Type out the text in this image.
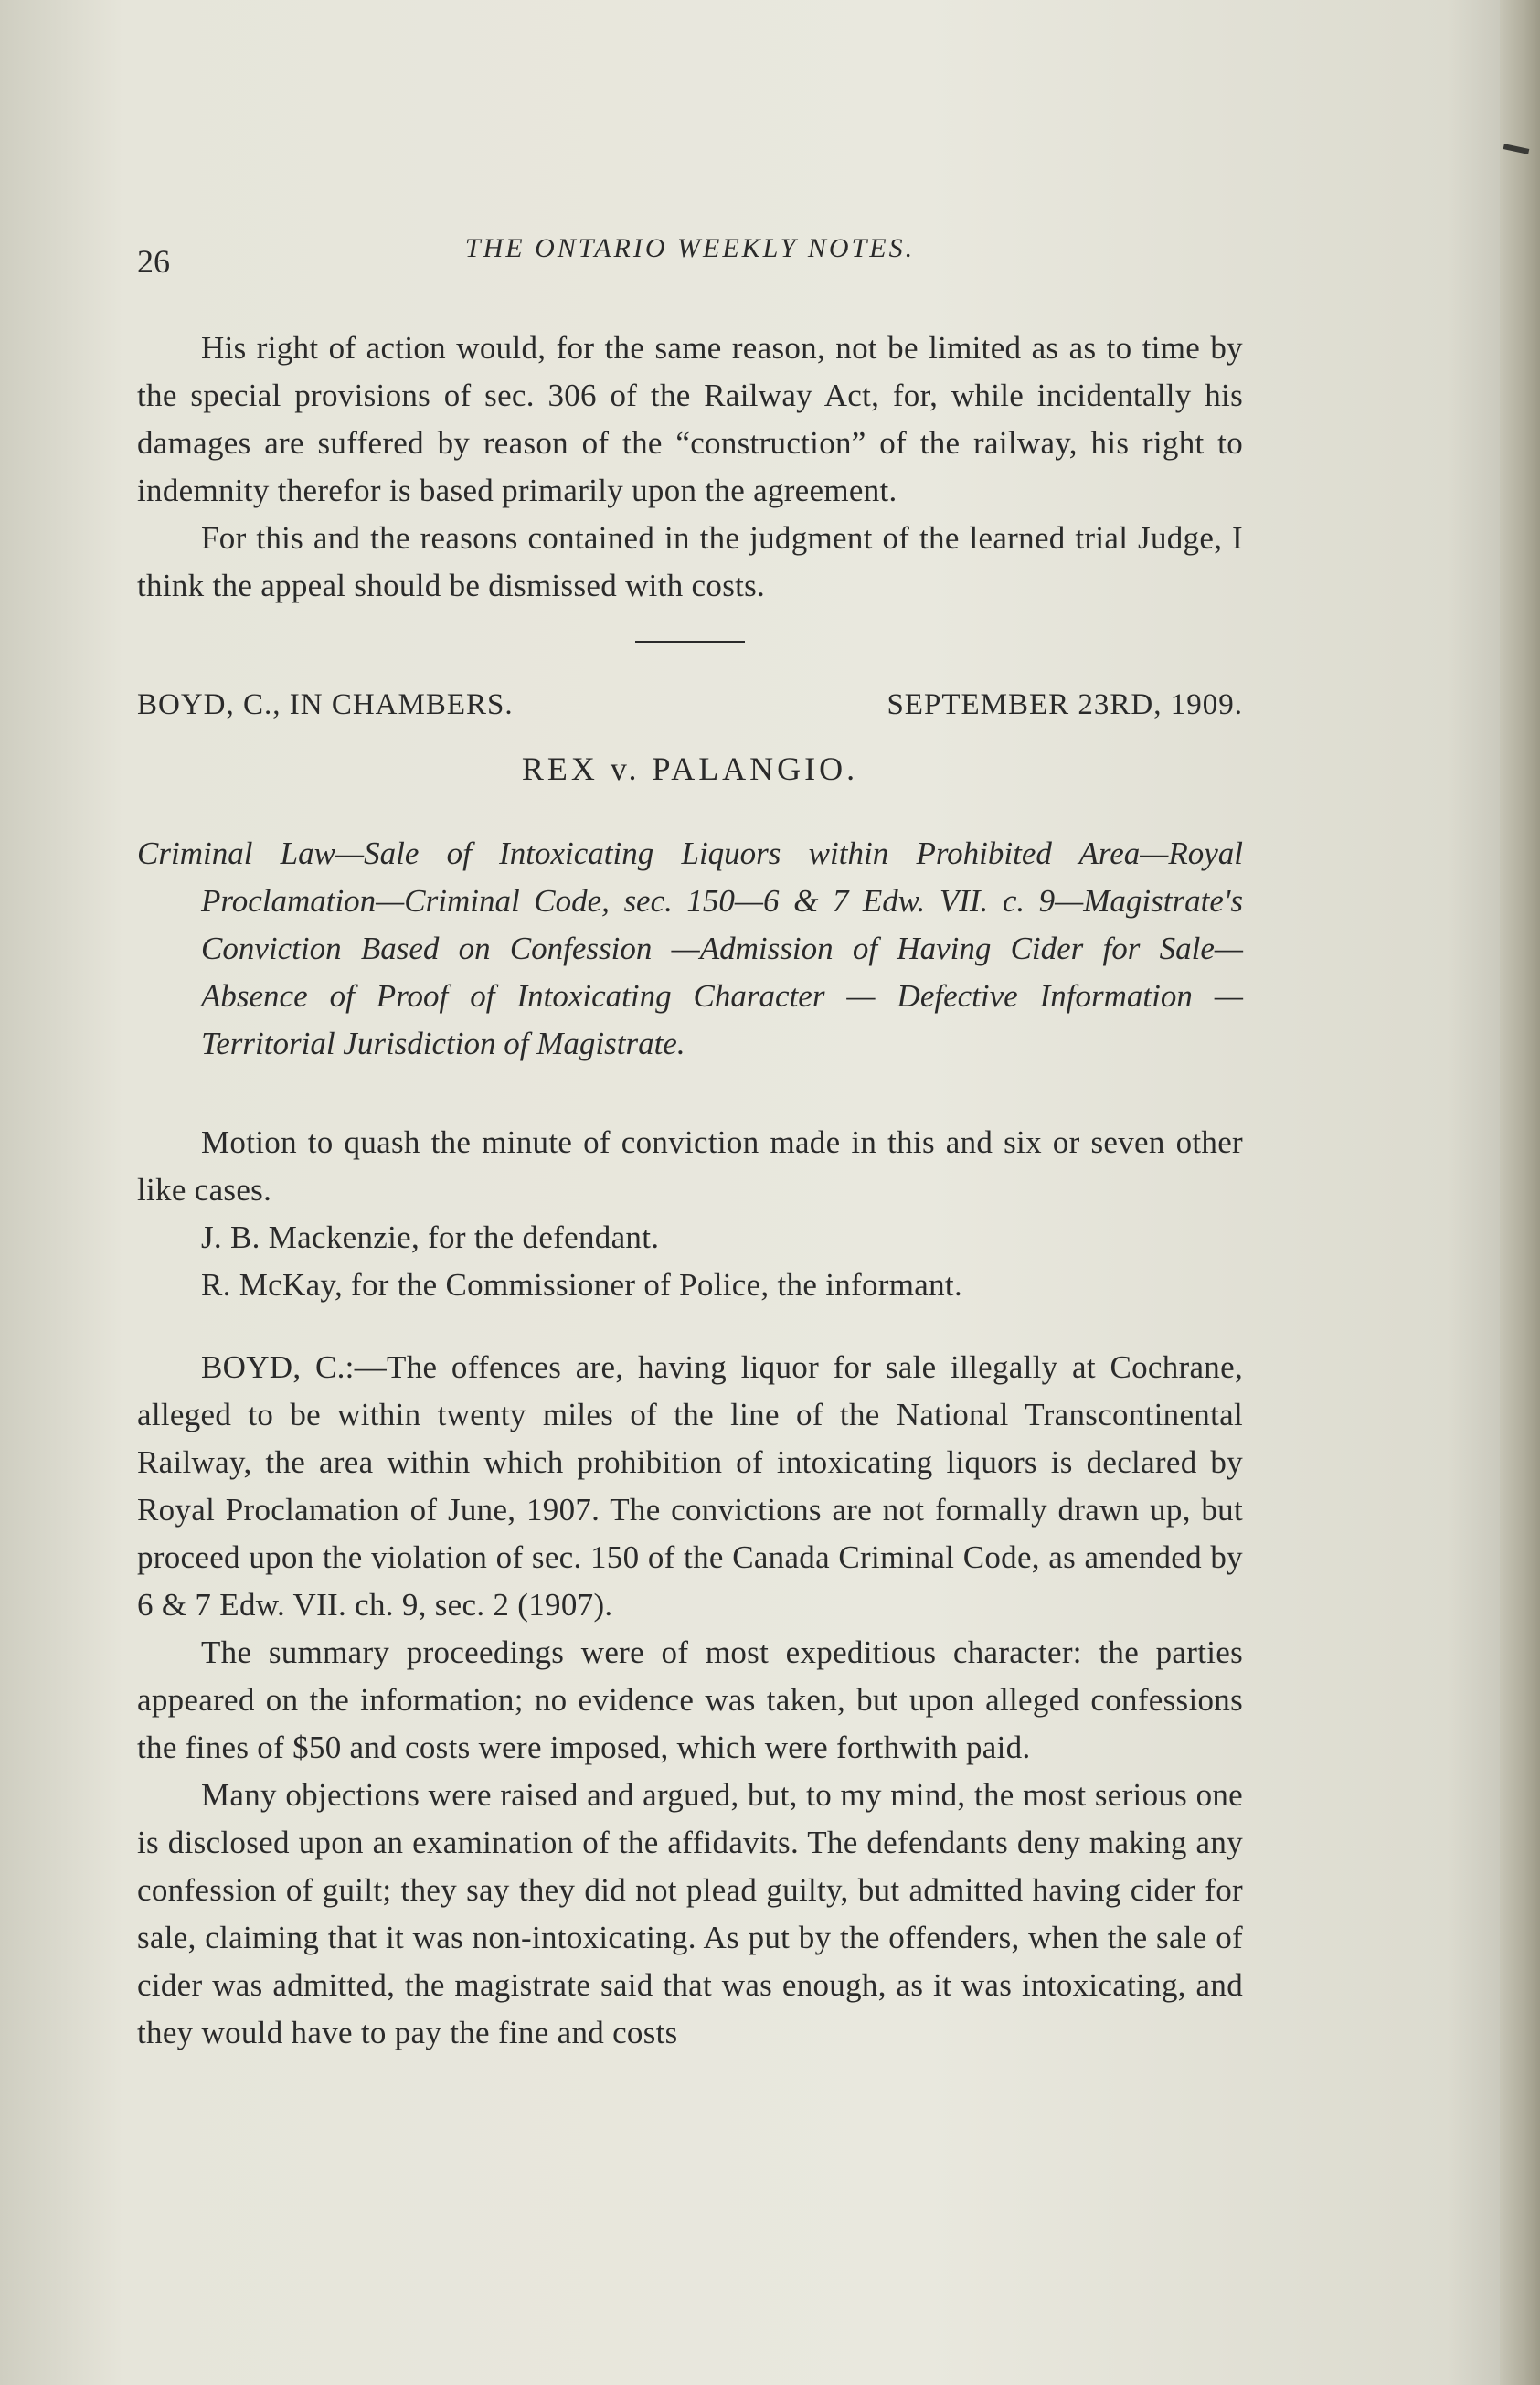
26	THE ONTARIO WEEKLY NOTES.

His right of action would, for the same reason, not be limited as as to time by the special provisions of sec. 306 of the Railway Act, for, while incidentally his damages are suffered by reason of the “construction” of the railway, his right to indemnity therefor is based primarily upon the agreement.

For this and the reasons contained in the judgment of the learned trial Judge, I think the appeal should be dismissed with costs.

BOYD, C., IN CHAMBERS.	SEPTEMBER 23RD, 1909.
REX v. PALANGIO.
Criminal Law—Sale of Intoxicating Liquors within Prohibited Area—Royal Proclamation—Criminal Code, sec. 150—6 & 7 Edw. VII. c. 9—Magistrate's Conviction Based on Confession —Admission of Having Cider for Sale—Absence of Proof of Intoxicating Character — Defective Information — Territorial Jurisdiction of Magistrate.

Motion to quash the minute of conviction made in this and six or seven other like cases.

J. B. Mackenzie, for the defendant.

R. McKay, for the Commissioner of Police, the informant.

BOYD, C.:—The offences are, having liquor for sale illegally at Cochrane, alleged to be within twenty miles of the line of the National Transcontinental Railway, the area within which prohibition of intoxicating liquors is declared by Royal Proclamation of June, 1907. The convictions are not formally drawn up, but proceed upon the violation of sec. 150 of the Canada Criminal Code, as amended by 6 & 7 Edw. VII. ch. 9, sec. 2 (1907).

The summary proceedings were of most expeditious character: the parties appeared on the information; no evidence was taken, but upon alleged confessions the fines of $50 and costs were imposed, which were forthwith paid.

Many objections were raised and argued, but, to my mind, the most serious one is disclosed upon an examination of the affidavits. The defendants deny making any confession of guilt; they say they did not plead guilty, but admitted having cider for sale, claiming that it was non-intoxicating. As put by the offenders, when the sale of cider was admitted, the magistrate said that was enough, as it was intoxicating, and they would have to pay the fine and costs
